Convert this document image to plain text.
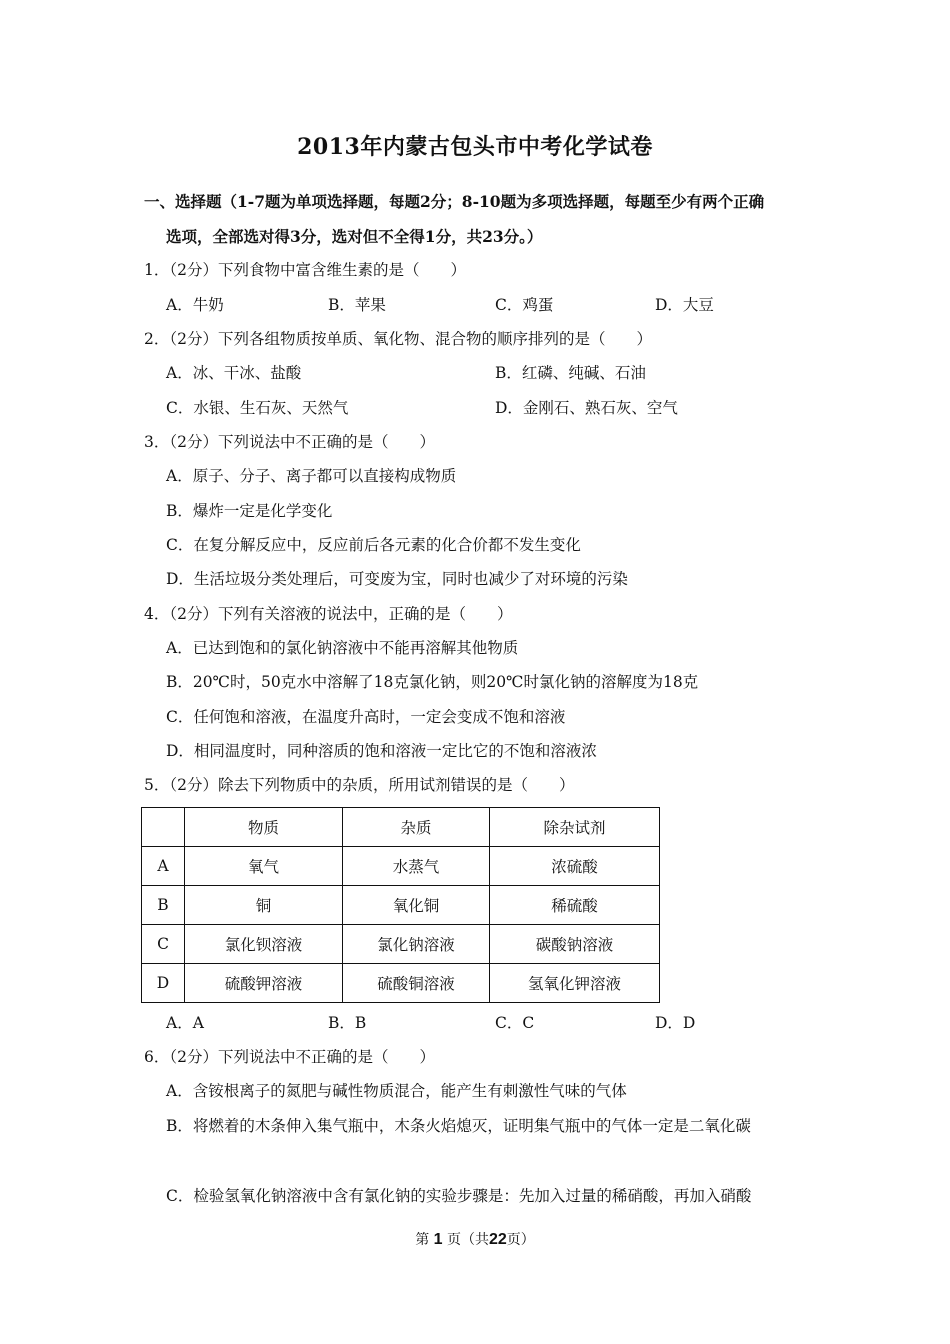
2013年内蒙古包头市中考化学试卷
一、选择题（1-7题为单项选择题，每题2分；8-10题为多项选择题，每题至少有两个正确
选项，全部选对得3分，选对但不全得1分，共23分。）
1．（2分）下列食物中富含维生素的是（　　）
A．牛奶	B．苹果	C．鸡蛋	D．大豆
2．（2分）下列各组物质按单质、氧化物、混合物的顺序排列的是（　　）
A．冰、干冰、盐酸	B．红磷、纯碱、石油
C．水银、生石灰、天然气	D．金刚石、熟石灰、空气
3．（2分）下列说法中不正确的是（　　）
A．原子、分子、离子都可以直接构成物质
B．爆炸一定是化学变化
C．在复分解反应中，反应前后各元素的化合价都不发生变化
D．生活垃圾分类处理后，可变废为宝，同时也减少了对环境的污染
4．（2分）下列有关溶液的说法中，正确的是（　　）
A．已达到饱和的氯化钠溶液中不能再溶解其他物质
B．20℃时，50克水中溶解了18克氯化钠，则20℃时氯化钠的溶解度为18克
C．任何饱和溶液，在温度升高时，一定会变成不饱和溶液
D．相同温度时，同种溶质的饱和溶液一定比它的不饱和溶液浓
5．（2分）除去下列物质中的杂质，所用试剂错误的是（　　）
	物质	杂质	除杂试剂
A	氧气	水蒸气	浓硫酸
B	铜	氧化铜	稀硫酸
C	氯化钡溶液	氯化钠溶液	碳酸钠溶液
D	硫酸钾溶液	硫酸铜溶液	氢氧化钾溶液
A．A	B．B	C．C	D．D
6．（2分）下列说法中不正确的是（　　）
A．含铵根离子的氮肥与碱性物质混合，能产生有刺激性气味的气体
B．将燃着的木条伸入集气瓶中，木条火焰熄灭，证明集气瓶中的气体一定是二氧化碳
C．检验氢氧化钠溶液中含有氯化钠的实验步骤是：先加入过量的稀硝酸，再加入硝酸
第 1 页（共22页）
